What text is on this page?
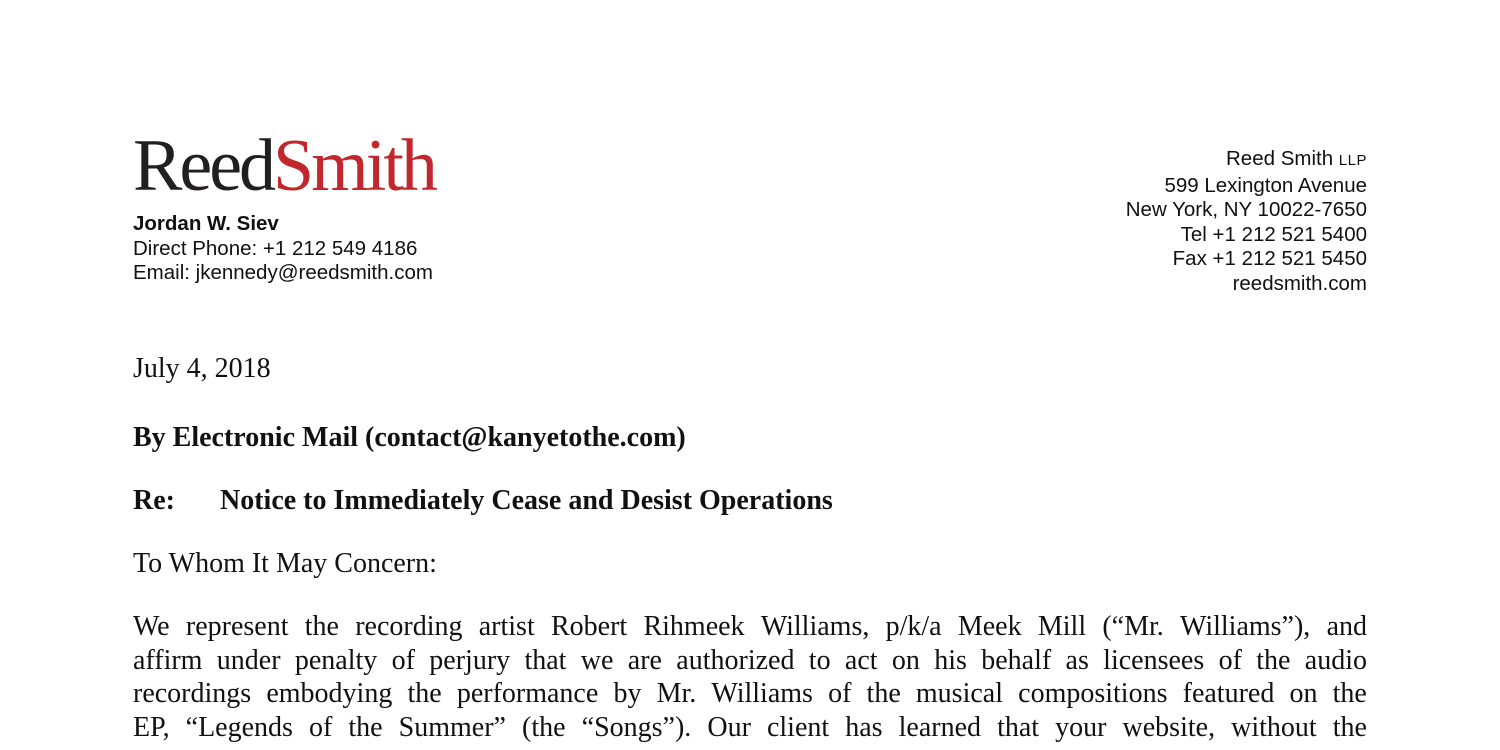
ReedSmith
Jordan W. Siev
Direct Phone: +1 212 549 4186
Email: jkennedy@reedsmith.com
Reed Smith LLP
599 Lexington Avenue
New York, NY 10022-7650
Tel +1 212 521 5400
Fax +1 212 521 5450
reedsmith.com
July 4, 2018
By Electronic Mail (contact@kanyetothe.com)
Re: Notice to Immediately Cease and Desist Operations
To Whom It May Concern:
We represent the recording artist Robert Rihmeek Williams, p/k/a Meek Mill (“Mr. Williams”), and
affirm under penalty of perjury that we are authorized to act on his behalf as licensees of the audio
recordings embodying the performance by Mr. Williams of the musical compositions featured on the
EP, “Legends of the Summer” (the “Songs”). Our client has learned that your website, without the
